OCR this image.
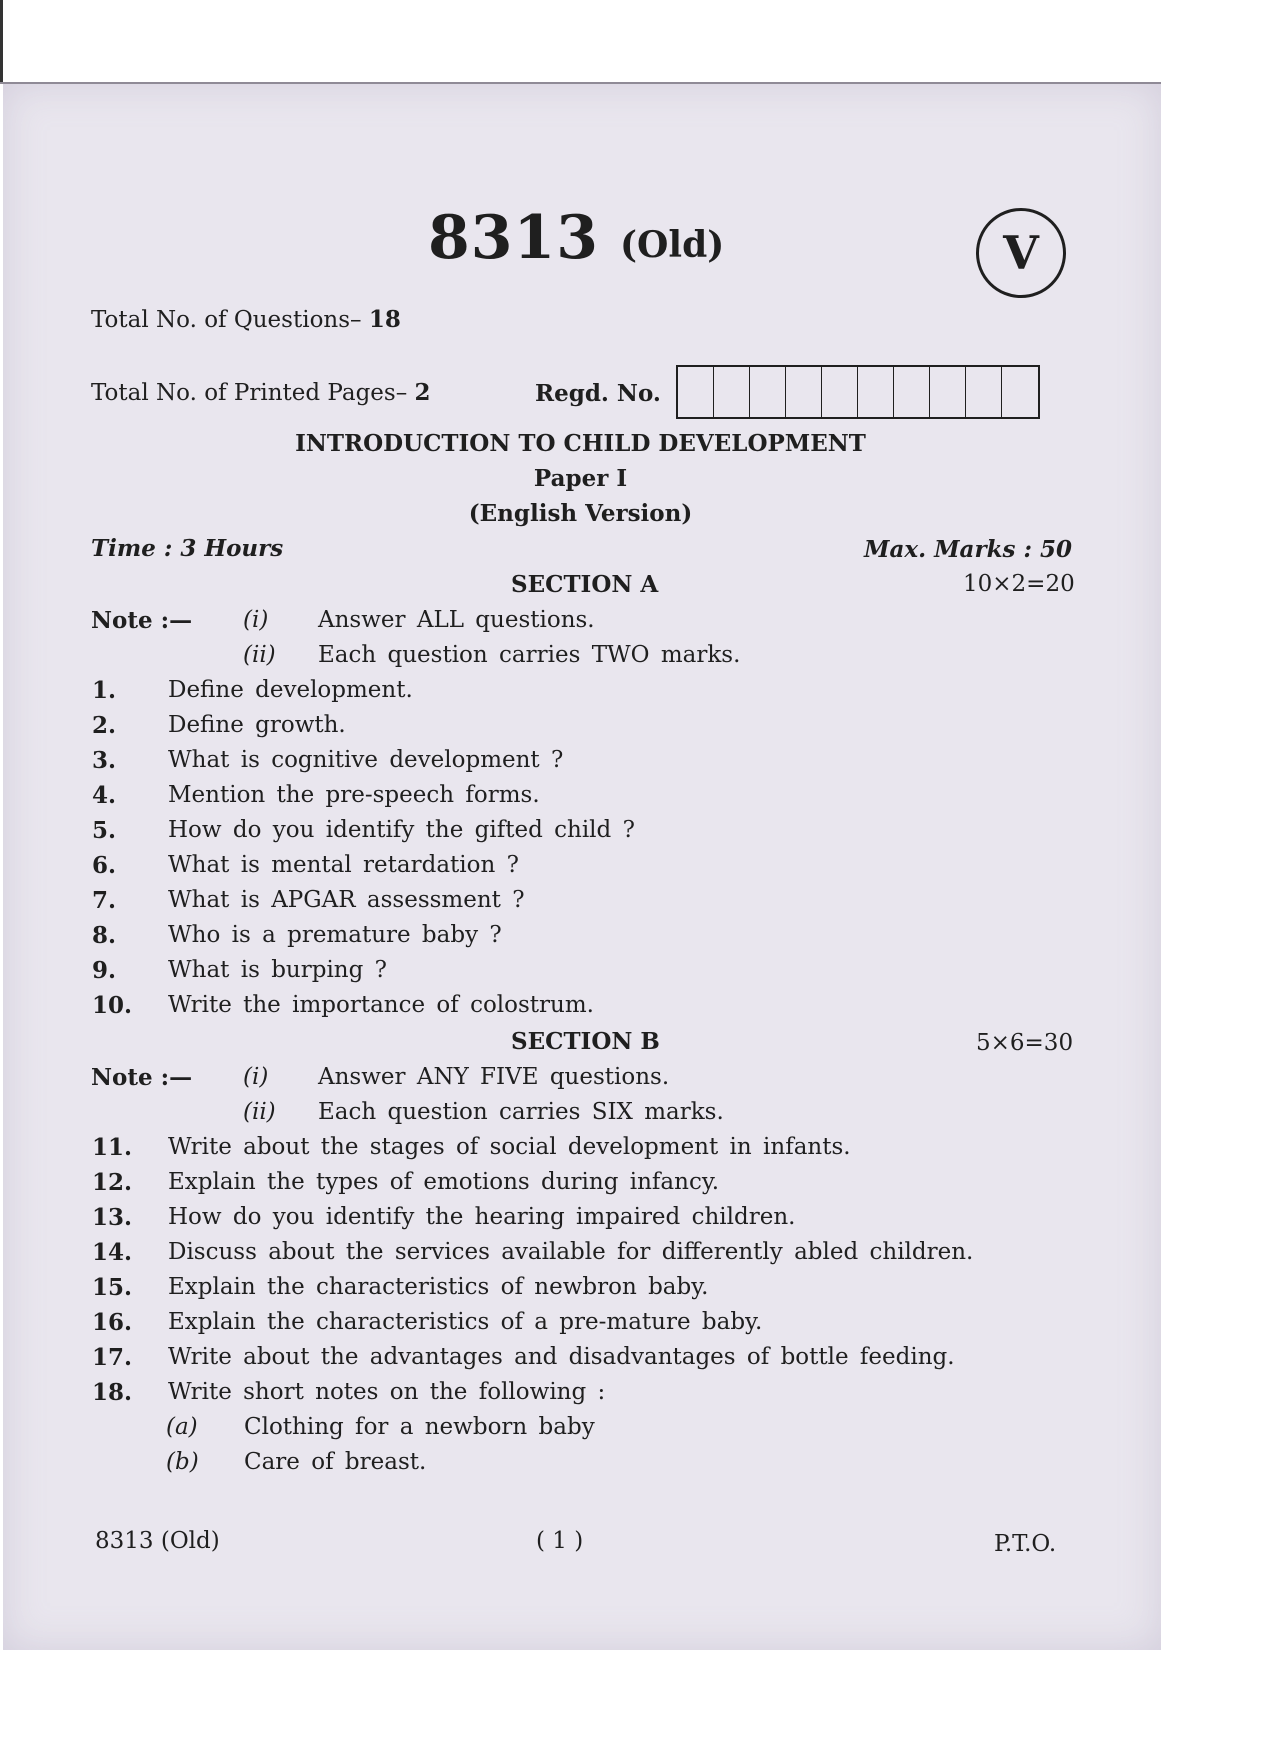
8313 (Old)	V
Total No. of Questions– 18
Total No. of Printed Pages– 2	Regd. No.
INTRODUCTION TO CHILD DEVELOPMENT
Paper I
(English Version)
Time : 3 Hours	Max. Marks : 50
SECTION A	10×2=20
Note :— (i) Answer ALL questions.
(ii) Each question carries TWO marks.
1. Define development.
2. Define growth.
3. What is cognitive development ?
4. Mention the pre-speech forms.
5. How do you identify the gifted child ?
6. What is mental retardation ?
7. What is APGAR assessment ?
8. Who is a premature baby ?
9. What is burping ?
10. Write the importance of colostrum.
SECTION B	5×6=30
Note :— (i) Answer ANY FIVE questions.
(ii) Each question carries SIX marks.
11. Write about the stages of social development in infants.
12. Explain the types of emotions during infancy.
13. How do you identify the hearing impaired children.
14. Discuss about the services available for differently abled children.
15. Explain the characteristics of newbron baby.
16. Explain the characteristics of a pre-mature baby.
17. Write about the advantages and disadvantages of bottle feeding.
18. Write short notes on the following :
(a) Clothing for a newborn baby
(b) Care of breast.
8313 (Old)	( 1 )	P.T.O.
